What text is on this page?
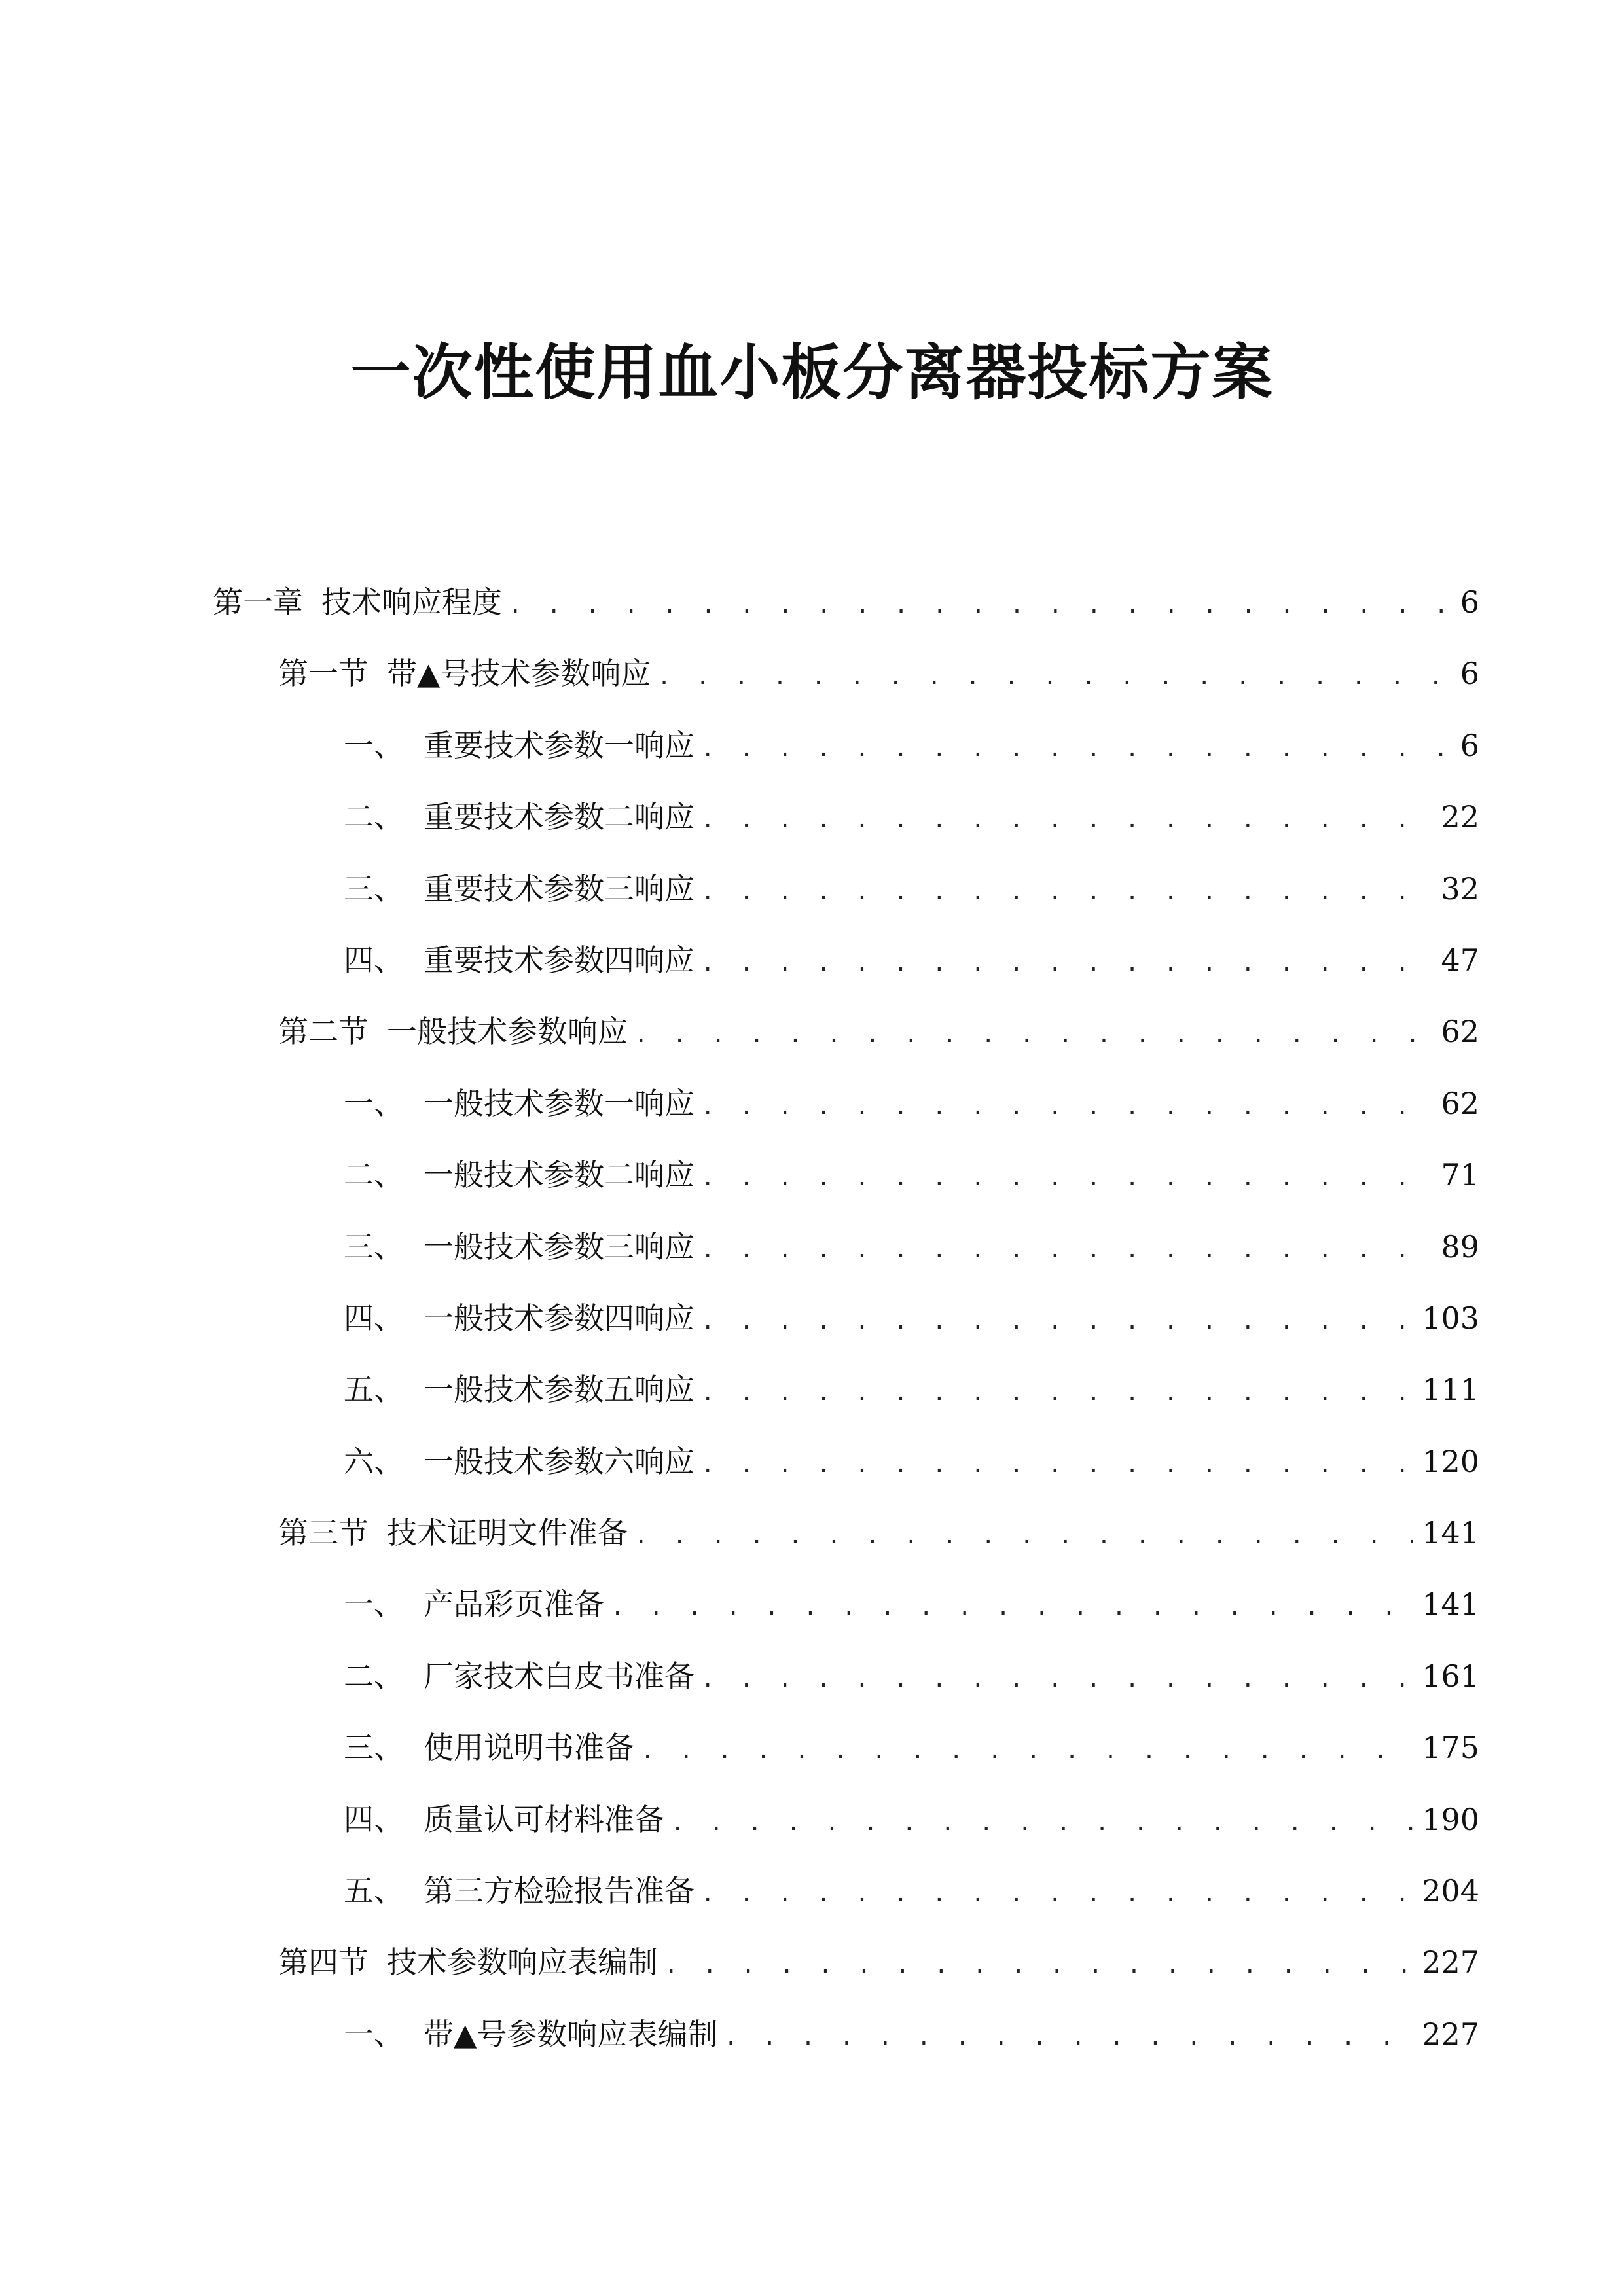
一次性使用血小板分离器投标方案
第一章 技术响应程度 . . .	6
第一节 带▲号技术参数响应 . . .	6
一、 重要技术参数一响应 . . .	6
二、 重要技术参数二响应 . . .	22
三、 重要技术参数三响应 . . .	32
四、 重要技术参数四响应 . . .	47
第二节 一般技术参数响应 . . .	62
一、 一般技术参数一响应 . . .	62
二、 一般技术参数二响应 . . .	71
三、 一般技术参数三响应 . . .	89
四、 一般技术参数四响应 . . .	103
五、 一般技术参数五响应 . . .	111
六、 一般技术参数六响应 . . .	120
第三节 技术证明文件准备 . . .	141
一、 产品彩页准备 . . .	141
二、 厂家技术白皮书准备 . . .	161
三、 使用说明书准备 . . .	175
四、 质量认可材料准备 . . .	190
五、 第三方检验报告准备 . . .	204
第四节 技术参数响应表编制 . . .	227
一、 带▲号参数响应表编制 . . .	227
